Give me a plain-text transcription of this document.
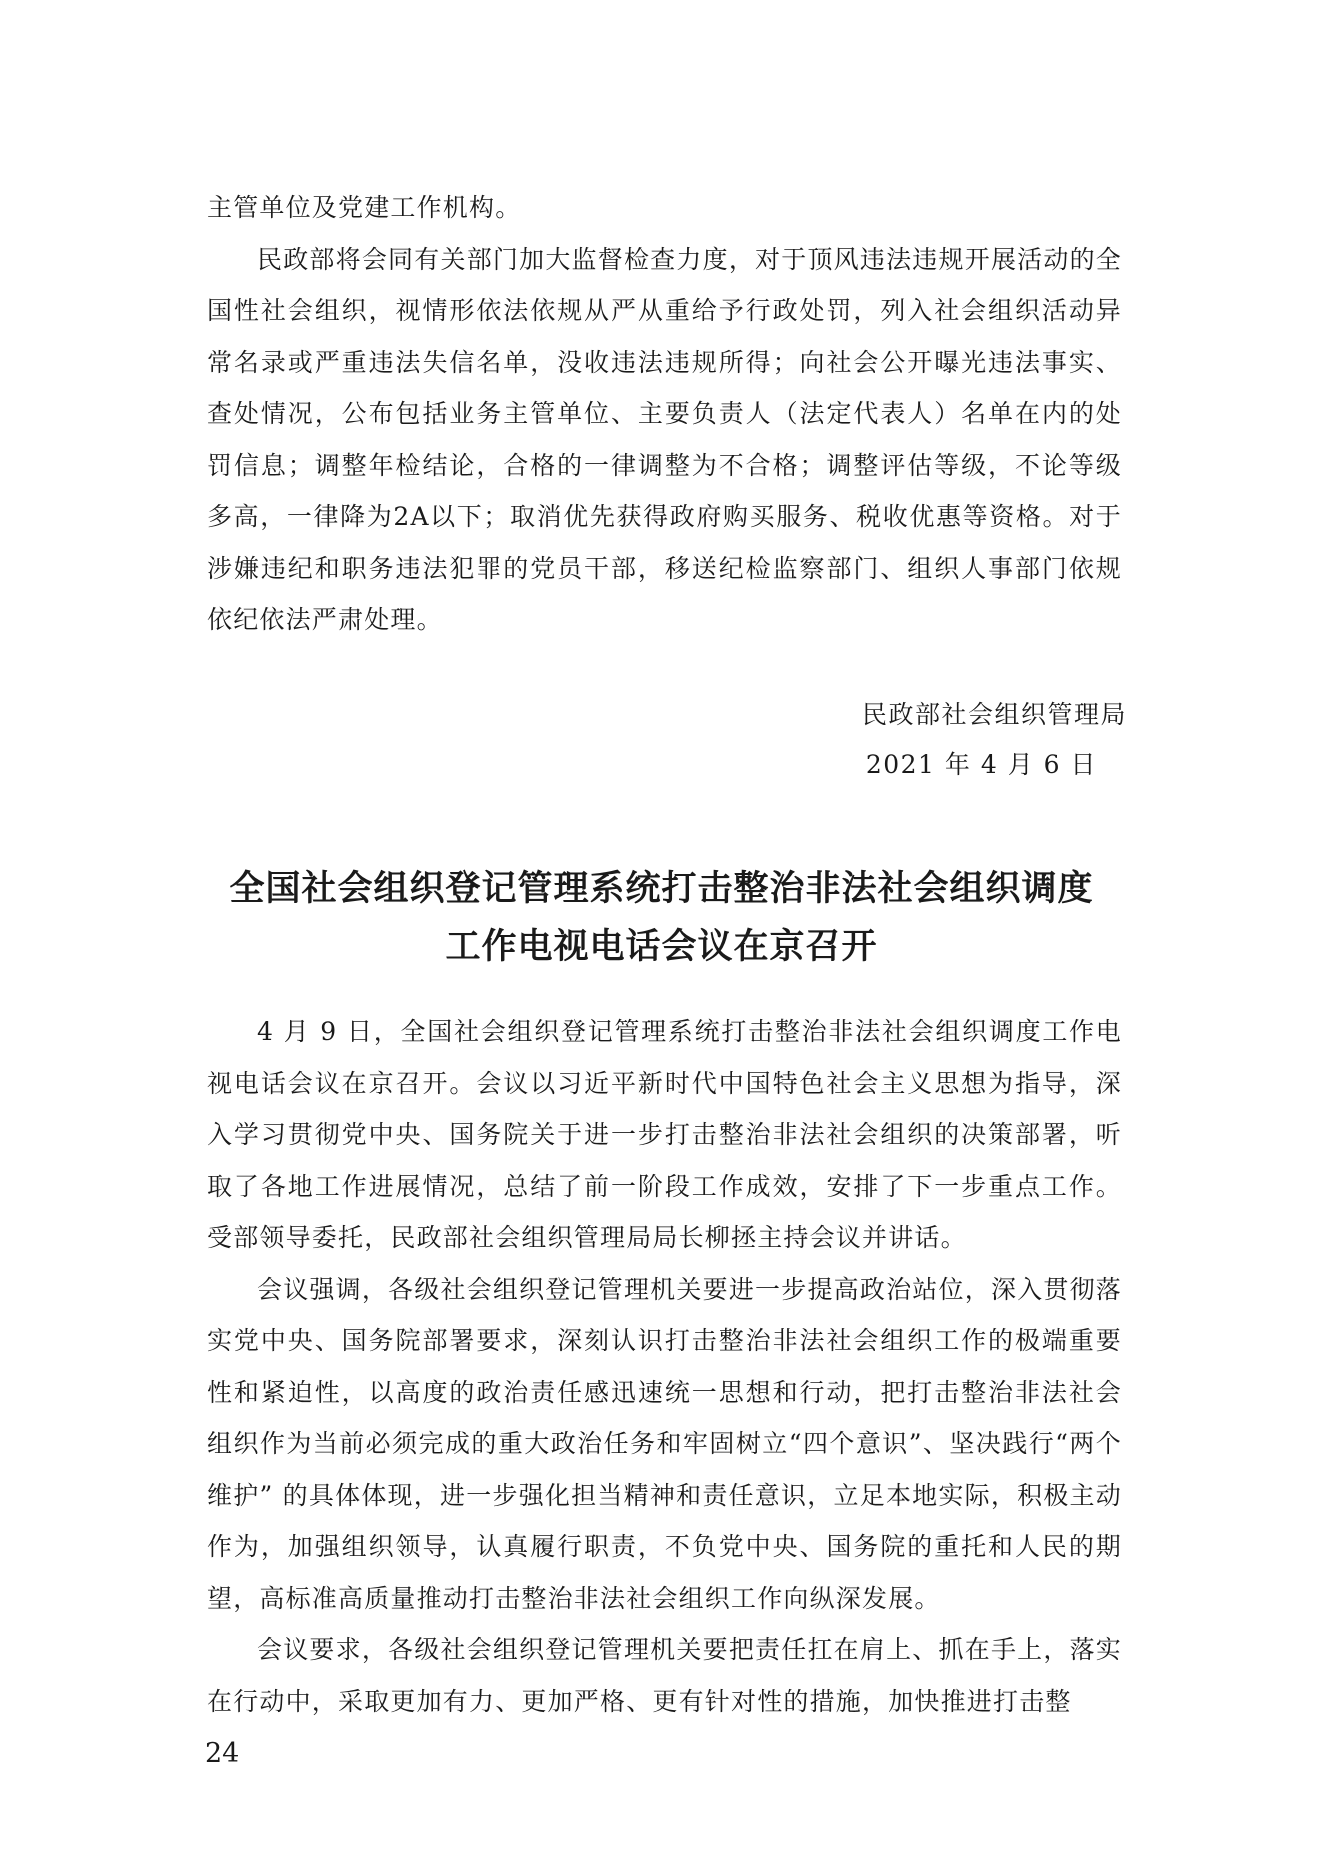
主管单位及党建工作机构。

民政部将会同有关部门加大监督检查力度，对于顶风违法违规开展活动的全国性社会组织，视情形依法依规从严从重给予行政处罚，列入社会组织活动异常名录或严重违法失信名单，没收违法违规所得；向社会公开曝光违法事实、查处情况，公布包括业务主管单位、主要负责人（法定代表人）名单在内的处罚信息；调整年检结论，合格的一律调整为不合格；调整评估等级，不论等级多高，一律降为2A以下；取消优先获得政府购买服务、税收优惠等资格。对于涉嫌违纪和职务违法犯罪的党员干部，移送纪检监察部门、组织人事部门依规依纪依法严肃处理。

民政部社会组织管理局
2021 年 4 月 6 日
全国社会组织登记管理系统打击整治非法社会组织调度
工作电视电话会议在京召开

4 月 9 日，全国社会组织登记管理系统打击整治非法社会组织调度工作电视电话会议在京召开。会议以习近平新时代中国特色社会主义思想为指导，深入学习贯彻党中央、国务院关于进一步打击整治非法社会组织的决策部署，听取了各地工作进展情况，总结了前一阶段工作成效，安排了下一步重点工作。受部领导委托，民政部社会组织管理局局长柳拯主持会议并讲话。

会议强调，各级社会组织登记管理机关要进一步提高政治站位，深入贯彻落实党中央、国务院部署要求，深刻认识打击整治非法社会组织工作的极端重要性和紧迫性，以高度的政治责任感迅速统一思想和行动，把打击整治非法社会组织作为当前必须完成的重大政治任务和牢固树立“四个意识”、坚决践行“两个维护” 的具体体现，进一步强化担当精神和责任意识，立足本地实际，积极主动作为，加强组织领导，认真履行职责，不负党中央、国务院的重托和人民的期望，高标准高质量推动打击整治非法社会组织工作向纵深发展。

会议要求，各级社会组织登记管理机关要把责任扛在肩上、抓在手上，落实在行动中，采取更加有力、更加严格、更有针对性的措施，加快推进打击整

24
